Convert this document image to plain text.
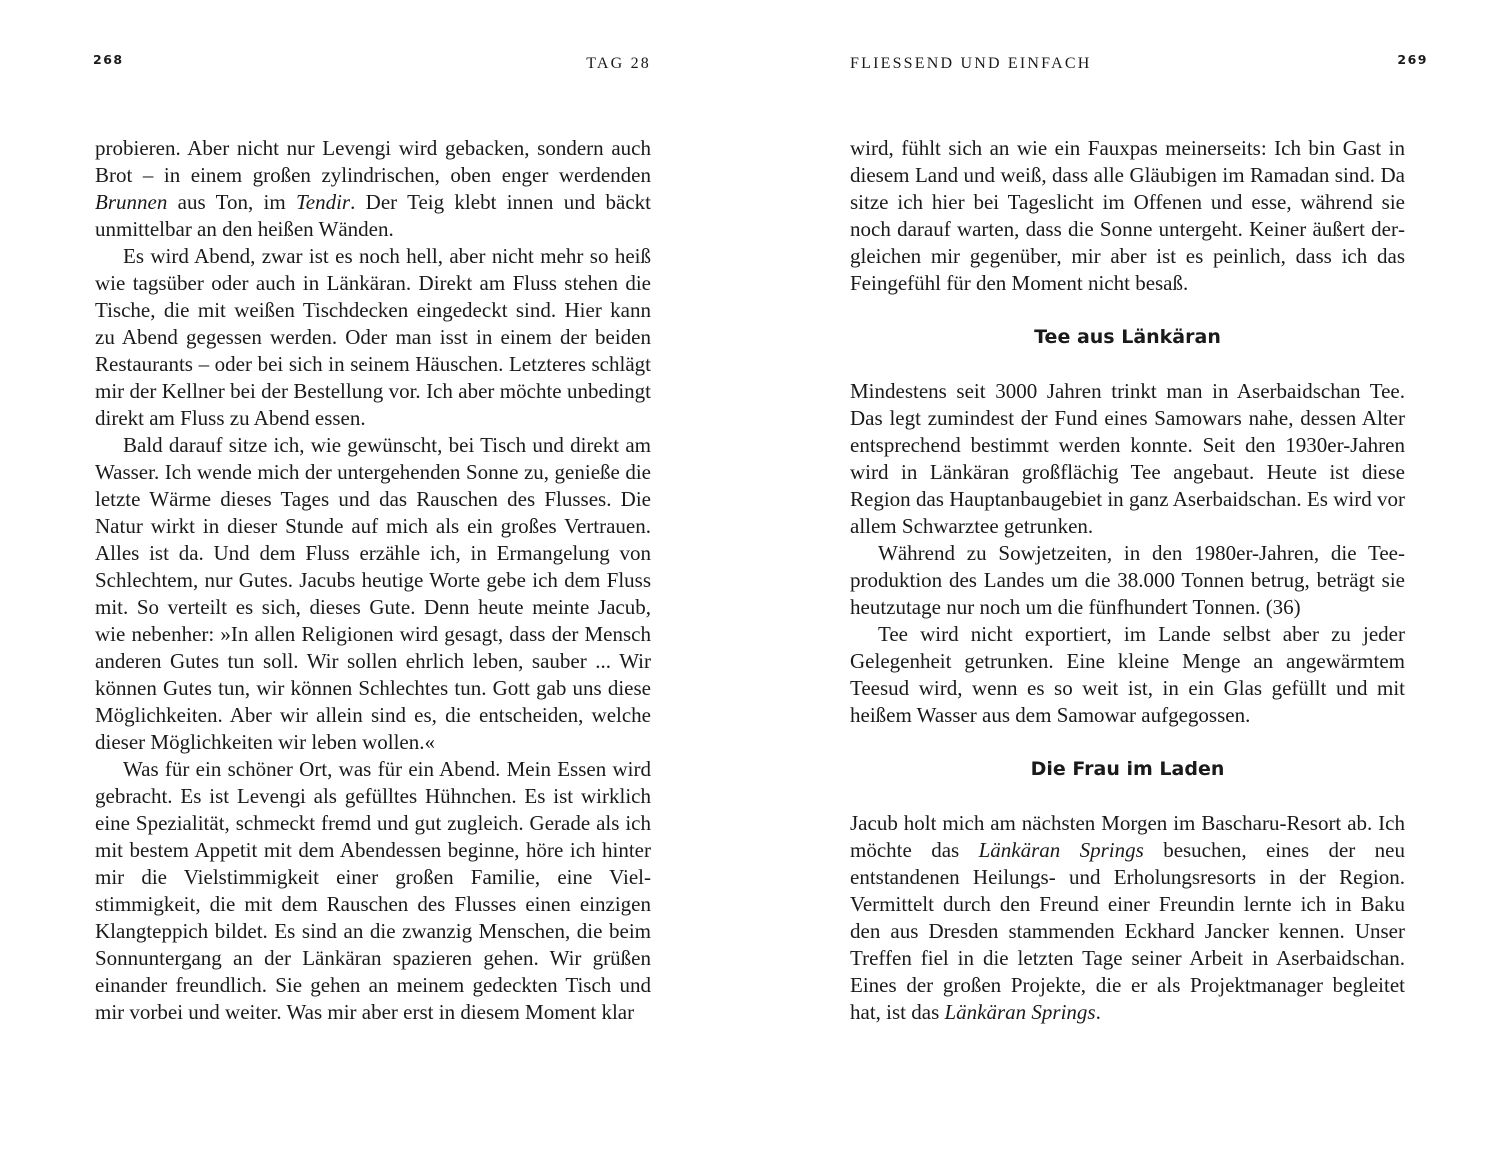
268	TAG 28

probieren. Aber nicht nur Levengi wird gebacken, sondern auch Brot – in einem großen zylindrischen, oben enger werdenden Brunnen aus Ton, im Tendir. Der Teig klebt innen und bäckt unmittelbar an den heißen Wänden.

Es wird Abend, zwar ist es noch hell, aber nicht mehr so heiß wie tagsüber oder auch in Länkäran. Direkt am Fluss stehen die Tische, die mit weißen Tischdecken eingedeckt sind. Hier kann zu Abend gegessen werden. Oder man isst in einem der beiden Restaurants – oder bei sich in seinem Häuschen. Letzteres schlägt mir der Kellner bei der Bestellung vor. Ich aber möchte unbedingt direkt am Fluss zu Abend essen.

Bald darauf sitze ich, wie gewünscht, bei Tisch und direkt am Wasser. Ich wende mich der untergehenden Sonne zu, genieße die letzte Wärme dieses Tages und das Rauschen des Flusses. Die Natur wirkt in dieser Stunde auf mich als ein großes Vertrauen. Alles ist da. Und dem Fluss erzähle ich, in Ermangelung von Schlechtem, nur Gutes. Jacubs heutige Worte gebe ich dem Fluss mit. So verteilt es sich, dieses Gute. Denn heute meinte Jacub, wie nebenher: »In allen Religionen wird gesagt, dass der Mensch anderen Gutes tun soll. Wir sollen ehrlich leben, sauber ... Wir können Gutes tun, wir können Schlechtes tun. Gott gab uns diese Möglichkeiten. Aber wir allein sind es, die entscheiden, welche dieser Möglichkeiten wir leben wollen.«

Was für ein schöner Ort, was für ein Abend. Mein Essen wird gebracht. Es ist Levengi als gefülltes Hühnchen. Es ist wirklich eine Spezialität, schmeckt fremd und gut zugleich. Gerade als ich mit bestem Appetit mit dem Abendessen beginne, höre ich hinter mir die Vielstimmigkeit einer großen Familie, eine Vielstimmigkeit, die mit dem Rauschen des Flusses einen einzigen Klangteppich bildet. Es sind an die zwanzig Menschen, die beim Sonnuntergang an der Länkäran spazieren gehen. Wir grüßen einander freundlich. Sie gehen an meinem gedeckten Tisch und mir vorbei und weiter. Was mir aber erst in diesem Moment klar

269
FLIESSEND UND EINFACH

wird, fühlt sich an wie ein Fauxpas meinerseits: Ich bin Gast in diesem Land und weiß, dass alle Gläubigen im Ramadan sind. Da sitze ich hier bei Tageslicht im Offenen und esse, während sie noch darauf warten, dass die Sonne untergeht. Keiner äußert dergleichen mir gegenüber, mir aber ist es peinlich, dass ich das Feingefühl für den Moment nicht besaß.

Tee aus Länkäran

Mindestens seit 3000 Jahren trinkt man in Aserbaidschan Tee. Das legt zumindest der Fund eines Samowars nahe, dessen Alter entsprechend bestimmt werden konnte. Seit den 1930er-Jahren wird in Länkäran großflächig Tee angebaut. Heute ist diese Region das Hauptanbaugebiet in ganz Aserbaidschan. Es wird vor allem Schwarztee getrunken.

Während zu Sowjetzeiten, in den 1980er-Jahren, die Teeproduktion des Landes um die 38.000 Tonnen betrug, beträgt sie heutzutage nur noch um die fünfhundert Tonnen. (36)

Tee wird nicht exportiert, im Lande selbst aber zu jeder Gelegenheit getrunken. Eine kleine Menge an angewärmtem Teesud wird, wenn es so weit ist, in ein Glas gefüllt und mit heißem Wasser aus dem Samowar aufgegossen.

Die Frau im Laden

Jacub holt mich am nächsten Morgen im Bascharu-Resort ab. Ich möchte das Länkäran Springs besuchen, eines der neu entstandenen Heilungs- und Erholungsresorts in der Region. Vermittelt durch den Freund einer Freundin lernte ich in Baku den aus Dresden stammenden Eckhard Jancker kennen. Unser Treffen fiel in die letzten Tage seiner Arbeit in Aserbaidschan. Eines der großen Projekte, die er als Projektmanager begleitet hat, ist das Länkäran Springs.
